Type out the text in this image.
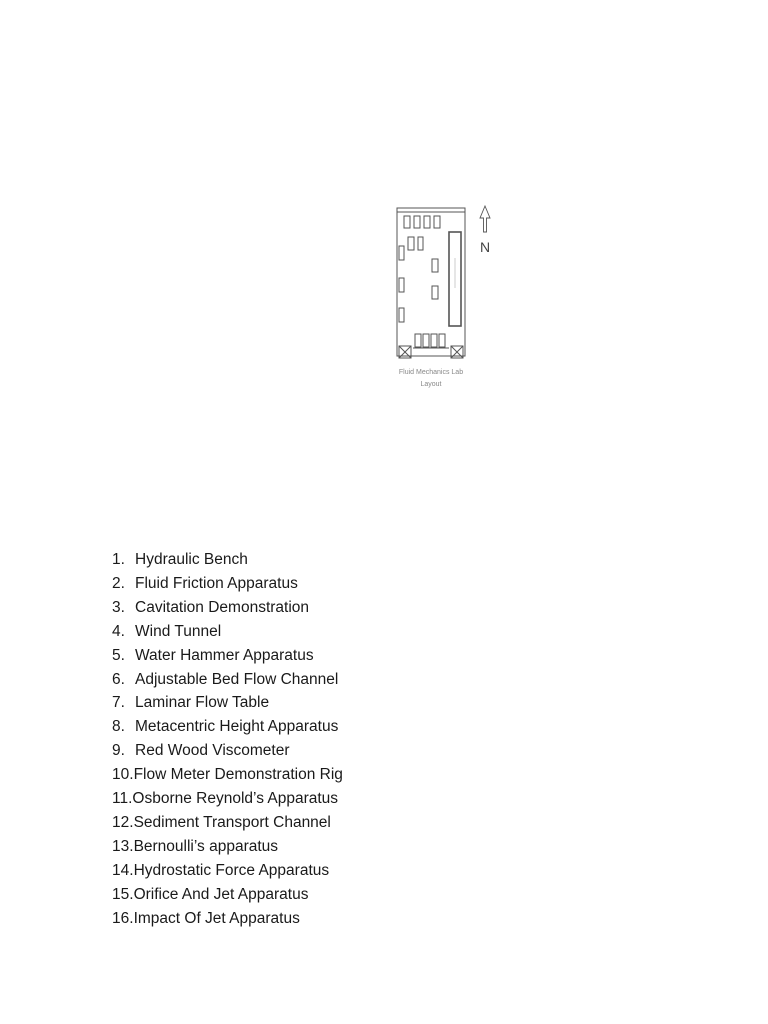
N
Fluid Mechanics Lab
Layout
1. Hydraulic Bench
2. Fluid Friction Apparatus
3. Cavitation Demonstration
4. Wind Tunnel
5. Water Hammer Apparatus
6. Adjustable Bed Flow Channel
7. Laminar Flow Table
8. Metacentric Height Apparatus
9. Red Wood Viscometer
10. Flow Meter Demonstration Rig
11. Osborne Reynold’s Apparatus
12. Sediment Transport Channel
13. Bernoulli’s apparatus
14. Hydrostatic Force Apparatus
15. Orifice And Jet Apparatus
16. Impact Of Jet Apparatus
